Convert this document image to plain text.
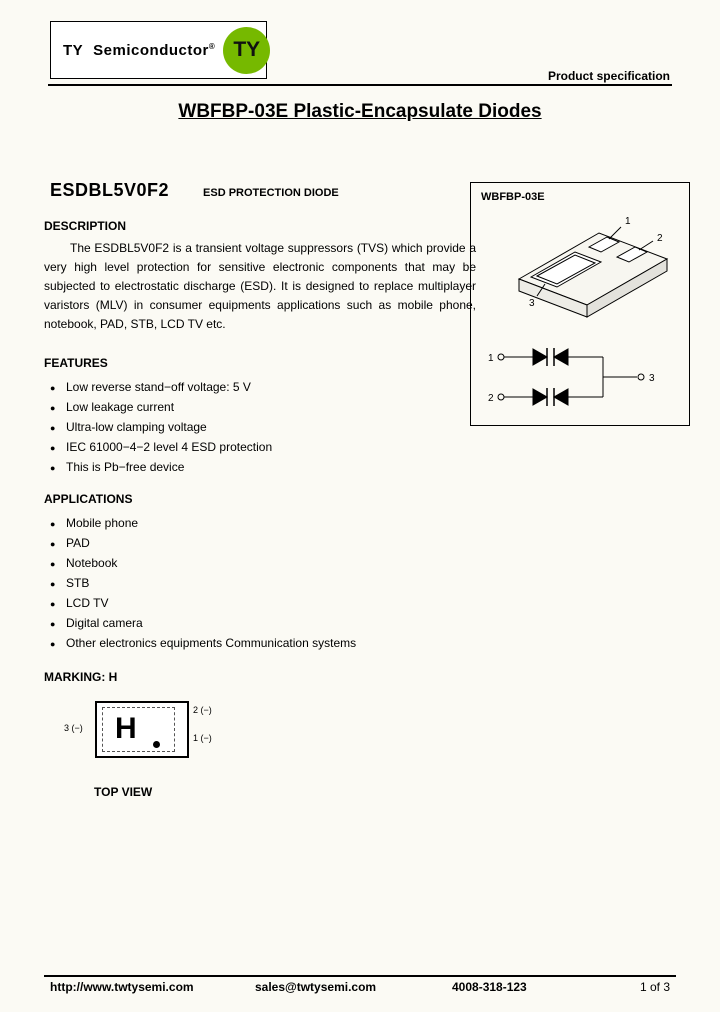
TY Semiconductor® TY
Product specification
WBFBP-03E Plastic-Encapsulate Diodes
ESDBL5V0F2	ESD PROTECTION DIODE	WBFBP-03E
1
2
3
1
2
3
DESCRIPTION

The ESDBL5V0F2 is a transient voltage suppressors (TVS) which provide a very high level protection for sensitive electronic components that may be subjected to electrostatic discharge (ESD). It is designed to replace multiplayer varistors (MLV) in consumer equipments applications such as mobile phone, notebook, PAD, STB, LCD TV etc.

FEATURES
● Low reverse stand−off voltage: 5 V
● Low leakage current
● Ultra-low clamping voltage
● IEC 61000−4−2 level 4 ESD protection
● This is Pb−free device
APPLICATIONS
● Mobile phone
● PAD
● Notebook
● STB
● LCD TV
● Digital camera
● Other electronics equipments Communication systems
MARKING: H
3 (−) H
2 (−)
1 (−)
TOP VIEW
http://www.twtysemi.com	sales@twtysemi.com	4008-318-123	1 of 3
